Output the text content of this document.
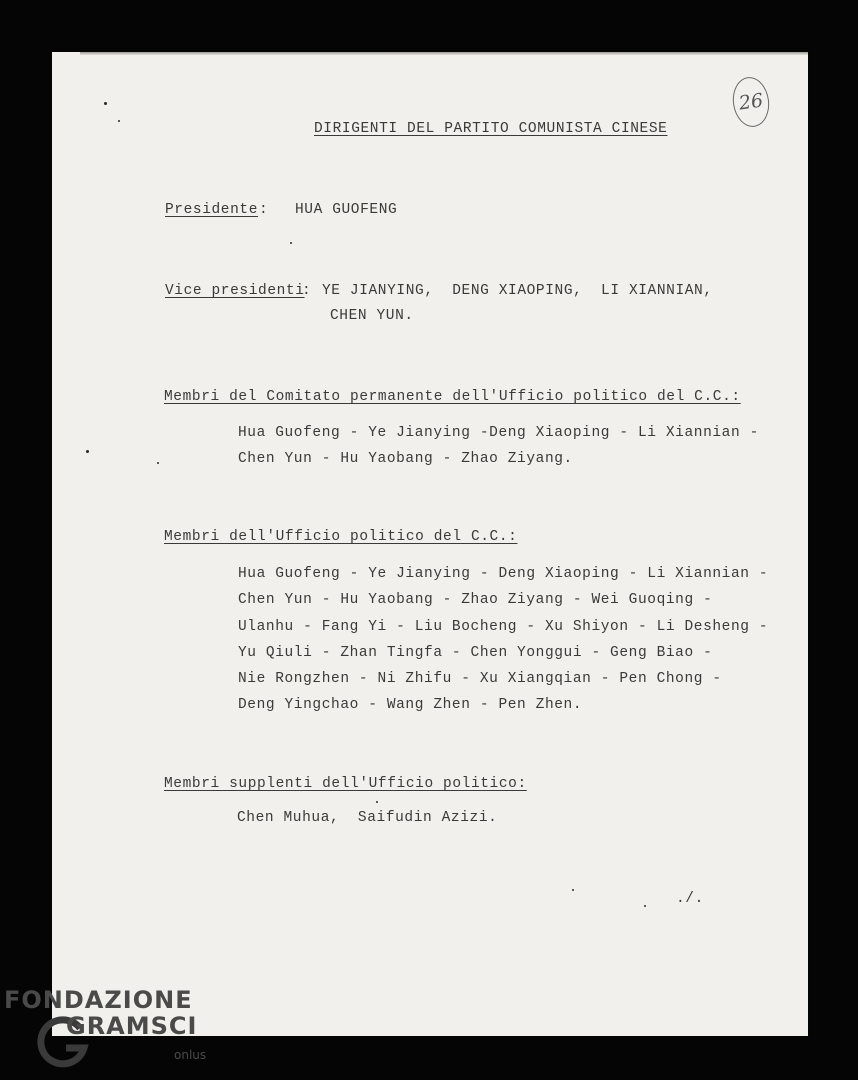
26
DIRIGENTI DEL PARTITO COMUNISTA CINESE
Presidente : HUA GUOFENG
Vice presidenti
: YE JIANYING,  DENG XIAOPING,  LI XIANNIAN,
CHEN YUN.
Membri del Comitato permanente dell'Ufficio politico del C.C.:
Hua Guofeng - Ye Jianying -Deng Xiaoping - Li Xiannian -
Chen Yun - Hu Yaobang - Zhao Ziyang.
Membri dell'Ufficio politico del C.C.:
Hua Guofeng - Ye Jianying - Deng Xiaoping - Li Xiannian -
Chen Yun - Hu Yaobang - Zhao Ziyang - Wei Guoqing -
Ulanhu - Fang Yi - Liu Bocheng - Xu Shiyon - Li Desheng -
Yu Qiuli - Zhan Tingfa - Chen Yonggui - Geng Biao -
Nie Rongzhen - Ni Zhifu - Xu Xiangqian - Pen Chong -
Deng Yingchao - Wang Zhen - Pen Zhen.
Membri supplenti dell'Ufficio politico:
Chen Muhua,  Saifudin Azizi.
./.
FONDAZIONE
GRAMSCI
onlus
